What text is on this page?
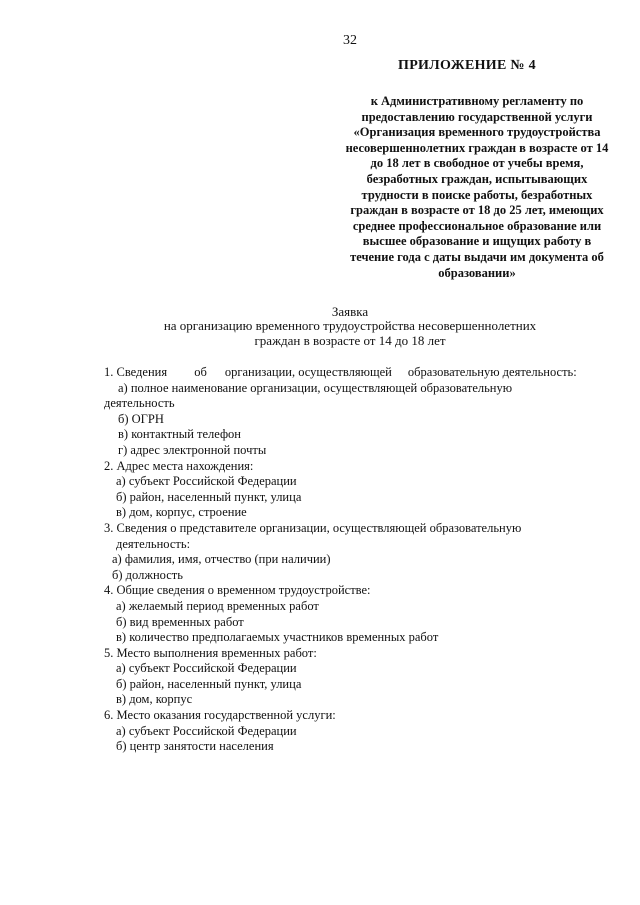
32
ПРИЛОЖЕНИЕ № 4
к Административному регламенту по
предоставлению государственной услуги
«Организация временного трудоустройства
несовершеннолетних граждан в возрасте от 14
до 18 лет в свободное от учебы время,
безработных граждан, испытывающих
трудности в поиске работы, безработных
граждан в возрасте от 18 до 25 лет, имеющих
среднее профессиональное образование или
высшее образование и ищущих работу в
течение года с даты выдачи им документа об
образовании»
Заявка
на организацию временного трудоустройства несовершеннолетних
граждан в возрасте от 14 до 18 лет
1. Сведения об организации, осуществляющей образовательную деятельность:
а) полное наименование организации, осуществляющей образовательную
деятельность
б) ОГРН
в) контактный телефон
г) адрес электронной почты
2. Адрес места нахождения:
а) субъект Российской Федерации
б) район, населенный пункт, улица
в) дом, корпус, строение
3. Сведения о представителе организации, осуществляющей образовательную
деятельность:
а) фамилия, имя, отчество (при наличии)
б) должность
4. Общие сведения о временном трудоустройстве:
а) желаемый период временных работ
б) вид временных работ
в) количество предполагаемых участников временных работ
5. Место выполнения временных работ:
а) субъект Российской Федерации
б) район, населенный пункт, улица
в) дом, корпус
6. Место оказания государственной услуги:
а) субъект Российской Федерации
б) центр занятости населения
